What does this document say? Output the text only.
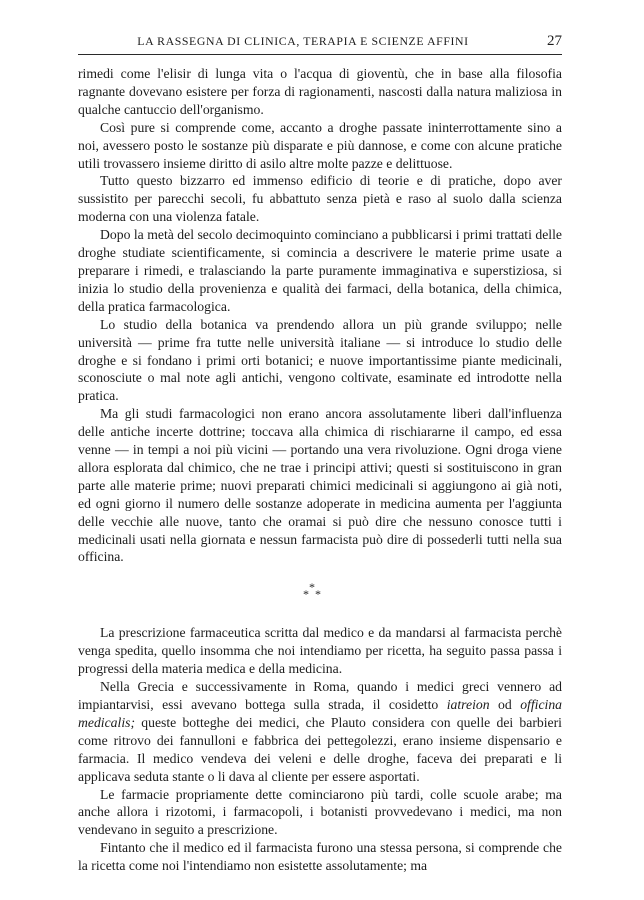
LA RASSEGNA DI CLINICA, TERAPIA E SCIENZE AFFINI	27

rimedi come l'elisir di lunga vita o l'acqua di gioventù, che in base alla filosofia ragnante dovevano esistere per forza di ragionamenti, nascosti dalla natura maliziosa in qualche cantuccio dell'organismo.

Così pure si comprende come, accanto a droghe passate ininterrottamente sino a noi, avessero posto le sostanze più disparate e più dannose, e come con alcune pratiche utili trovassero insieme diritto di asilo altre molte pazze e delittuose.

Tutto questo bizzarro ed immenso edificio di teorie e di pratiche, dopo aver sussistito per parecchi secoli, fu abbattuto senza pietà e raso al suolo dalla scienza moderna con una violenza fatale.

Dopo la metà del secolo decimoquinto cominciano a pubblicarsi i primi trattati delle droghe studiate scientificamente, si comincia a descrivere le materie prime usate a preparare i rimedi, e tralasciando la parte puramente immaginativa e superstiziosa, si inizia lo studio della provenienza e qualità dei farmaci, della botanica, della chimica, della pratica farmacologica.

Lo studio della botanica va prendendo allora un più grande sviluppo; nelle università — prime fra tutte nelle università italiane — si introduce lo studio delle droghe e si fondano i primi orti botanici; e nuove importantissime piante medicinali, sconosciute o mal note agli antichi, vengono coltivate, esaminate ed introdotte nella pratica.

Ma gli studi farmacologici non erano ancora assolutamente liberi dall'influenza delle antiche incerte dottrine; toccava alla chimica di rischiararne il campo, ed essa venne — in tempi a noi più vicini — portando una vera rivoluzione. Ogni droga viene allora esplorata dal chimico, che ne trae i principi attivi; questi si sostituiscono in gran parte alle materie prime; nuovi preparati chimici medicinali si aggiungono ai già noti, ed ogni giorno il numero delle sostanze adoperate in medicina aumenta per l'aggiunta delle vecchie alle nuove, tanto che oramai si può dire che nessuno conosce tutti i medicinali usati nella giornata e nessun farmacista può dire di possederli tutti nella sua officina.

*
* *

La prescrizione farmaceutica scritta dal medico e da mandarsi al farmacista perchè venga spedita, quello insomma che noi intendiamo per ricetta, ha seguito passa passa i progressi della materia medica e della medicina.

Nella Grecia e successivamente in Roma, quando i medici greci vennero ad impiantarvisi, essi avevano bottega sulla strada, il cosidetto iatreion od officina medicalis; queste botteghe dei medici, che Plauto considera con quelle dei barbieri come ritrovo dei fannulloni e fabbrica dei pettegolezzi, erano insieme dispensario e farmacia. Il medico vendeva dei veleni e delle droghe, faceva dei preparati e li applicava seduta stante o li dava al cliente per essere asportati.

Le farmacie propriamente dette cominciarono più tardi, colle scuole arabe; ma anche allora i rizotomi, i farmacopoli, i botanisti provvedevano i medici, ma non vendevano in seguito a prescrizione.

Fintanto che il medico ed il farmacista furono una stessa persona, si comprende che la ricetta come noi l'intendiamo non esistette assolutamente; ma
